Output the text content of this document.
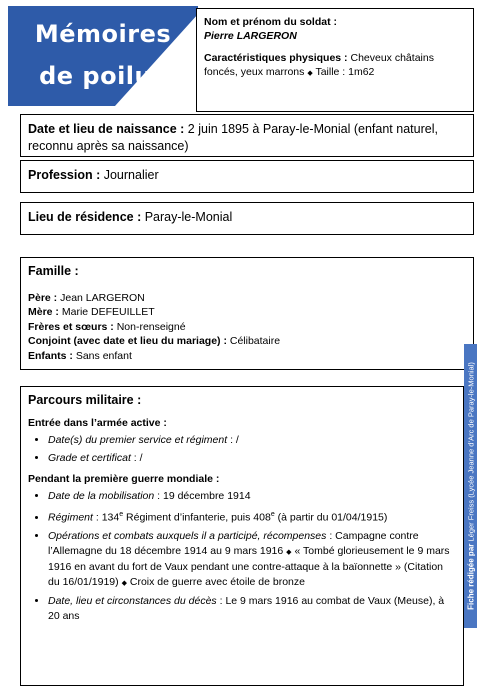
Mémoires
de poilus

Nom et prénom du soldat :

Pierre LARGERON

Caractéristiques physiques : Cheveux châtains foncés, yeux marrons ◆ Taille : 1m62

Date et lieu de naissance : 2 juin 1895 à Paray-le-Monial (enfant naturel, reconnu après sa naissance)

Profession : Journalier

Lieu de résidence : Paray-le-Monial

Famille :

Père : Jean LARGERON

Mère : Marie DEFEUILLET

Frères et sœurs : Non-renseigné

Conjoint (avec date et lieu du mariage) : Célibataire

Enfants : Sans enfant

Parcours militaire :

Entrée dans l’armée active :

• Date(s) du premier service et régiment : /
• Grade et certificat : /

Pendant la première guerre mondiale :

• Date de la mobilisation : 19 décembre 1914
• Régiment : 134e Régiment d’infanterie, puis 408e (à partir du 01/04/1915)
• Opérations et combats auxquels il a participé, récompenses : Campagne contre l’Allemagne du 18 décembre 1914 au 9 mars 1916 ◆ « Tombé glorieusement le 9 mars 1916 en avant du fort de Vaux pendant une contre-attaque à la baïonnette » (Citation du 16/01/1919) ◆ Croix de guerre avec étoile de bronze
• Date, lieu et circonstances du décès : Le 9 mars 1916 au combat de Vaux (Meuse), à 20 ans
Fiche rédigée par Léger Freiss (Lycée Jeanne d’Arc de Paray-le-Monial)
